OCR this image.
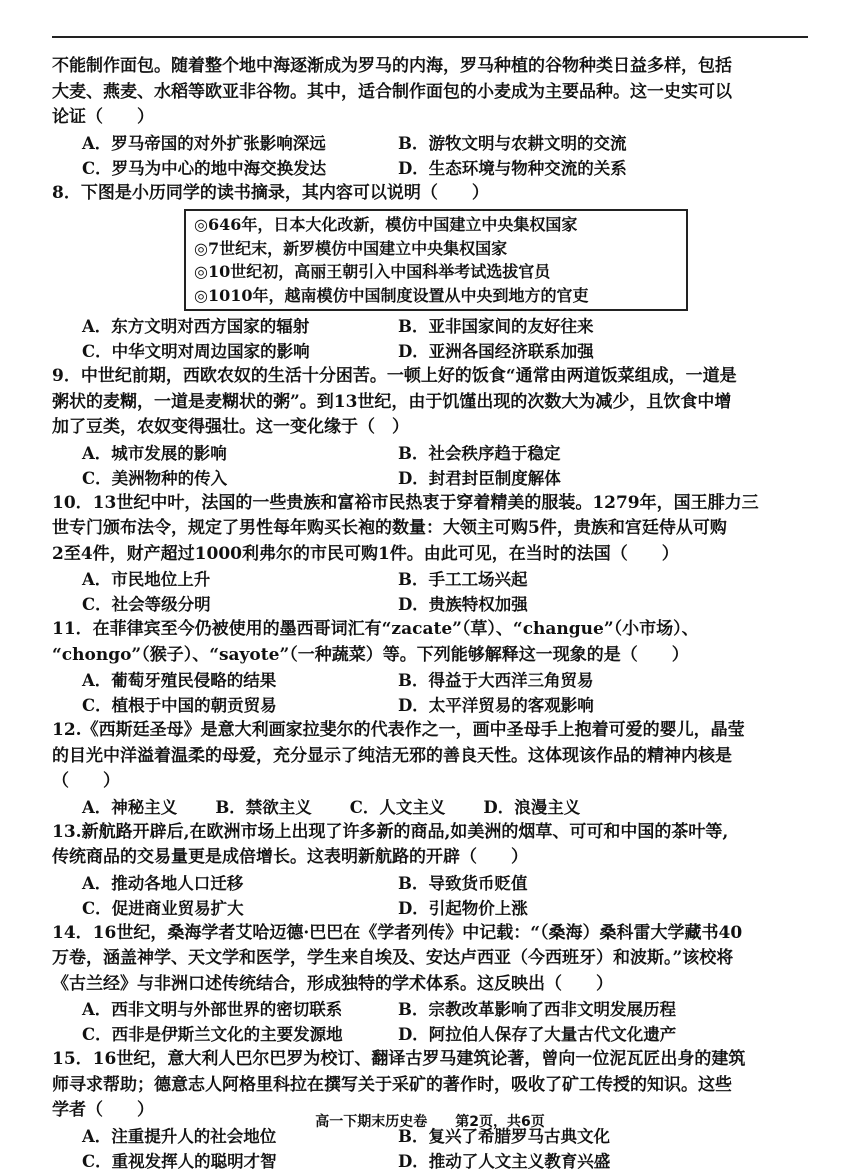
不能制作面包。随着整个地中海逐渐成为罗马的内海，罗马种植的谷物种类日益多样，包括
大麦、燕麦、水稻等欧亚非谷物。其中，适合制作面包的小麦成为主要品种。这一史实可以
论证（　　）
A．罗马帝国的对外扩张影响深远	B．游牧文明与农耕文明的交流
C．罗马为中心的地中海交换发达	D．生态环境与物种交流的关系
8．下图是小历同学的读书摘录，其内容可以说明（　　）
◎646年，日本大化改新，模仿中国建立中央集权国家
◎7世纪末，新罗模仿中国建立中央集权国家
◎10世纪初，高丽王朝引入中国科举考试选拔官员
◎1010年，越南模仿中国制度设置从中央到地方的官吏
A．东方文明对西方国家的辐射	B．亚非国家间的友好往来
C．中华文明对周边国家的影响	D．亚洲各国经济联系加强
9．中世纪前期，西欧农奴的生活十分困苦。一顿上好的饭食“通常由两道饭菜组成，一道是
粥状的麦糊，一道是麦糊状的粥”。到13世纪，由于饥馑出现的次数大为减少，且饮食中增
加了豆类，农奴变得强壮。这一变化缘于（　）
A．城市发展的影响	B．社会秩序趋于稳定
C．美洲物种的传入	D．封君封臣制度解体
10．13世纪中叶，法国的一些贵族和富裕市民热衷于穿着精美的服装。1279年，国王腓力三
世专门颁布法令，规定了男性每年购买长袍的数量：大领主可购5件，贵族和宫廷侍从可购
2至4件，财产超过1000利弗尔的市民可购1件。由此可见，在当时的法国（　　）
A．市民地位上升	B．手工工场兴起
C．社会等级分明	D．贵族特权加强
11．在菲律宾至今仍被使用的墨西哥词汇有“zacate”（草）、“changue”（小市场）、
“chongo”（猴子）、“sayote”（一种蔬菜）等。下列能够解释这一现象的是（　　）
A．葡萄牙殖民侵略的结果	B．得益于大西洋三角贸易
C．植根于中国的朝贡贸易	D．太平洋贸易的客观影响
12.《西斯廷圣母》是意大利画家拉斐尔的代表作之一，画中圣母手上抱着可爱的婴儿，晶莹
的目光中洋溢着温柔的母爱，充分显示了纯洁无邪的善良天性。这体现该作品的精神内核是
（　　）
A．神秘主义 B．禁欲主义 C．人文主义 D．浪漫主义
13.新航路开辟后,在欧洲市场上出现了许多新的商品,如美洲的烟草、可可和中国的茶叶等,
传统商品的交易量更是成倍增长。这表明新航路的开辟（　　）
A．推动各地人口迁移	B．导致货币贬值
C．促进商业贸易扩大	D．引起物价上涨
14．16世纪，桑海学者艾哈迈德·巴巴在《学者列传》中记载：“（桑海）桑科雷大学藏书40
万卷，涵盖神学、天文学和医学，学生来自埃及、安达卢西亚（今西班牙）和波斯。”该校将
《古兰经》与非洲口述传统结合，形成独特的学术体系。这反映出（　　）
A．西非文明与外部世界的密切联系	B．宗教改革影响了西非文明发展历程
C．西非是伊斯兰文化的主要发源地	D．阿拉伯人保存了大量古代文化遗产
15．16世纪，意大利人巴尔巴罗为校订、翻译古罗马建筑论著，曾向一位泥瓦匠出身的建筑
师寻求帮助；德意志人阿格里科拉在撰写关于采矿的著作时，吸收了矿工传授的知识。这些
学者（　　）
A．注重提升人的社会地位	B．复兴了希腊罗马古典文化
C．重视发挥人的聪明才智	D．推动了人文主义教育兴盛
高一下期末历史卷　　第2页，共6页
